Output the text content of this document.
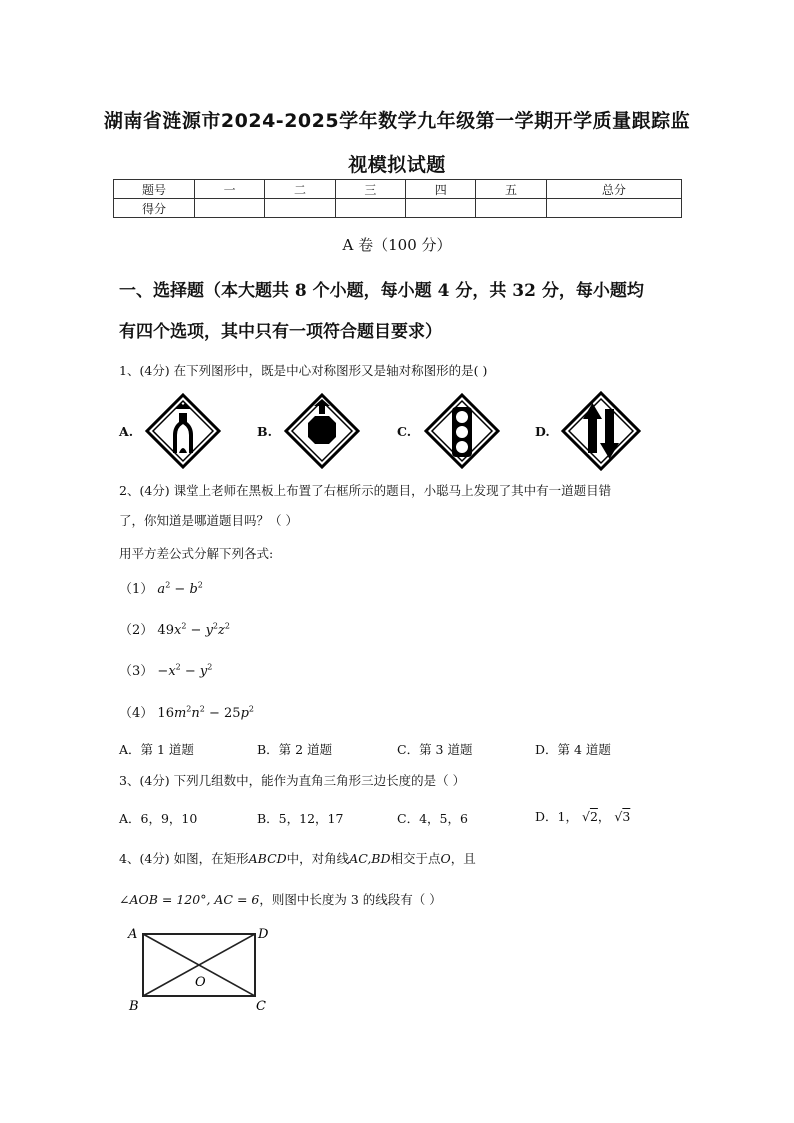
湖南省涟源市2024-2025学年数学九年级第一学期开学质量跟踪监
视模拟试题
题号	一	二	三	四	五	总分
得分						
A 卷（100 分）
一、选择题（本大题共 8 个小题，每小题 4 分，共 32 分，每小题均
有四个选项，其中只有一项符合题目要求）
1、(4分) 在下列图形中，既是中心对称图形又是轴对称图形的是( )
A.	B.	C.	D.
2、(4分) 课堂上老师在黑板上布置了右框所示的题目，小聪马上发现了其中有一道题目错
了，你知道是哪道题目吗？（ ）
用平方差公式分解下列各式:
（1） $a^2 - b^2$
（2） $49x^2 - y^2z^2$
$(3) -x^2 - y^2$
（4） $16m^2n^2 - 25p^2$
A．第 1 道题	B．第 2 道题	C．第 3 道题	D．第 4 道题
3、(4分) 下列几组数中，能作为直角三角形三边长度的是（ ）
A．6，9，10	B．5，12，17	C．4，5，6	D．1， √2， √3
4、(4分) 如图，在矩形ABCD中，对角线AC,BD相交于点O，且
∠AOB = 120°, AC = 6，则图中长度为 3 的线段有（ ）
A	D
O
B	C
